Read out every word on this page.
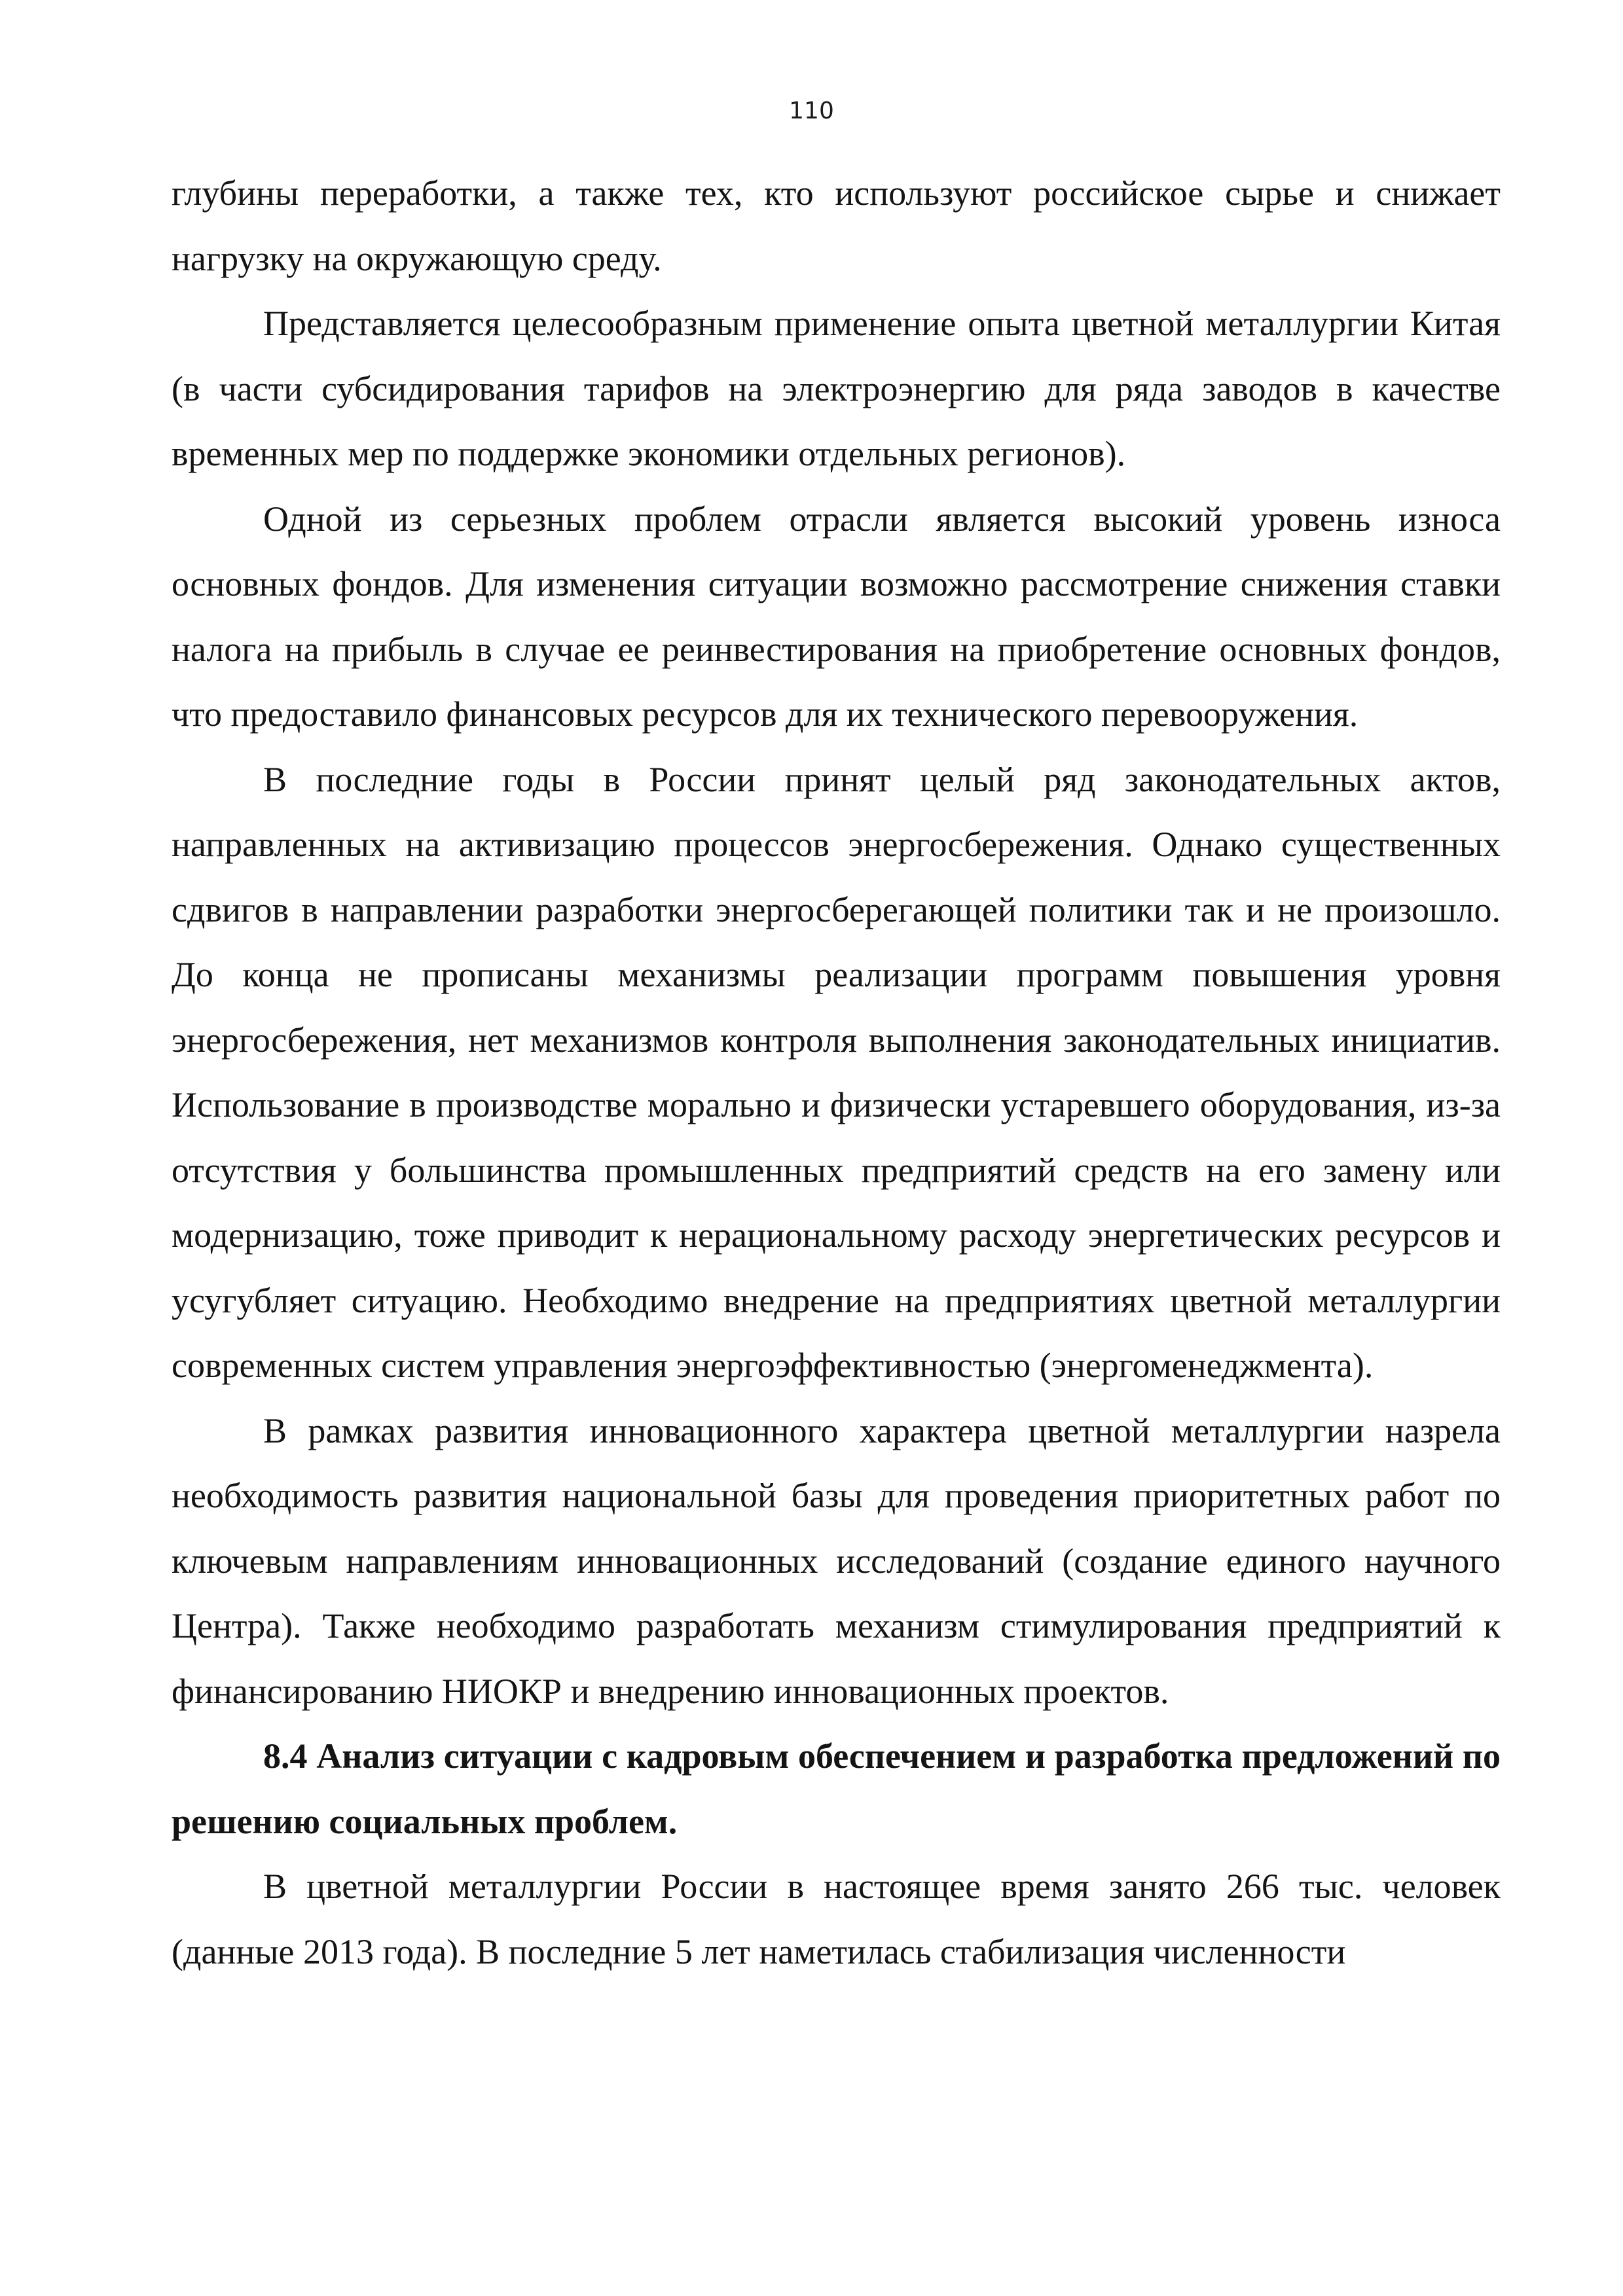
110

глубины переработки, а также тех, кто используют российское сырье и снижает нагрузку на окружающую среду.

Представляется целесообразным применение опыта цветной металлургии Китая (в части субсидирования тарифов на электроэнергию для ряда заводов в качестве временных мер по поддержке экономики отдельных регионов).

Одной из серьезных проблем отрасли является высокий уровень износа основных фондов. Для изменения ситуации возможно рассмотрение снижения ставки налога на прибыль в случае ее реинвестирования на приобретение основных фондов, что предоставило финансовых ресурсов для их технического перевооружения.

В последние годы в России принят целый ряд законодательных актов, направленных на активизацию процессов энергосбережения. Однако существенных сдвигов в направлении разработки энергосберегающей политики так и не произошло. До конца не прописаны механизмы реализации программ повышения уровня энергосбережения, нет механизмов контроля выполнения законодательных инициатив. Использование в производстве морально и физически устаревшего оборудования, из-за отсутствия у большинства промышленных предприятий средств на его замену или модернизацию, тоже приводит к нерациональному расходу энергетических ресурсов и усугубляет ситуацию. Необходимо внедрение на предприятиях цветной металлургии современных систем управления энергоэффективностью (энергоменеджмента).

В рамках развития инновационного характера цветной металлургии назрела необходимость развития национальной базы для проведения приоритетных работ по ключевым направлениям инновационных исследований (создание единого научного Центра). Также необходимо разработать механизм стимулирования предприятий к финансированию НИОКР и внедрению инновационных проектов.

8.4 Анализ ситуации с кадровым обеспечением и разработка предложений по решению социальных проблем.

В цветной металлургии России в настоящее время занято 266 тыс. человек (данные 2013 года). В последние 5 лет наметилась стабилизация численности
